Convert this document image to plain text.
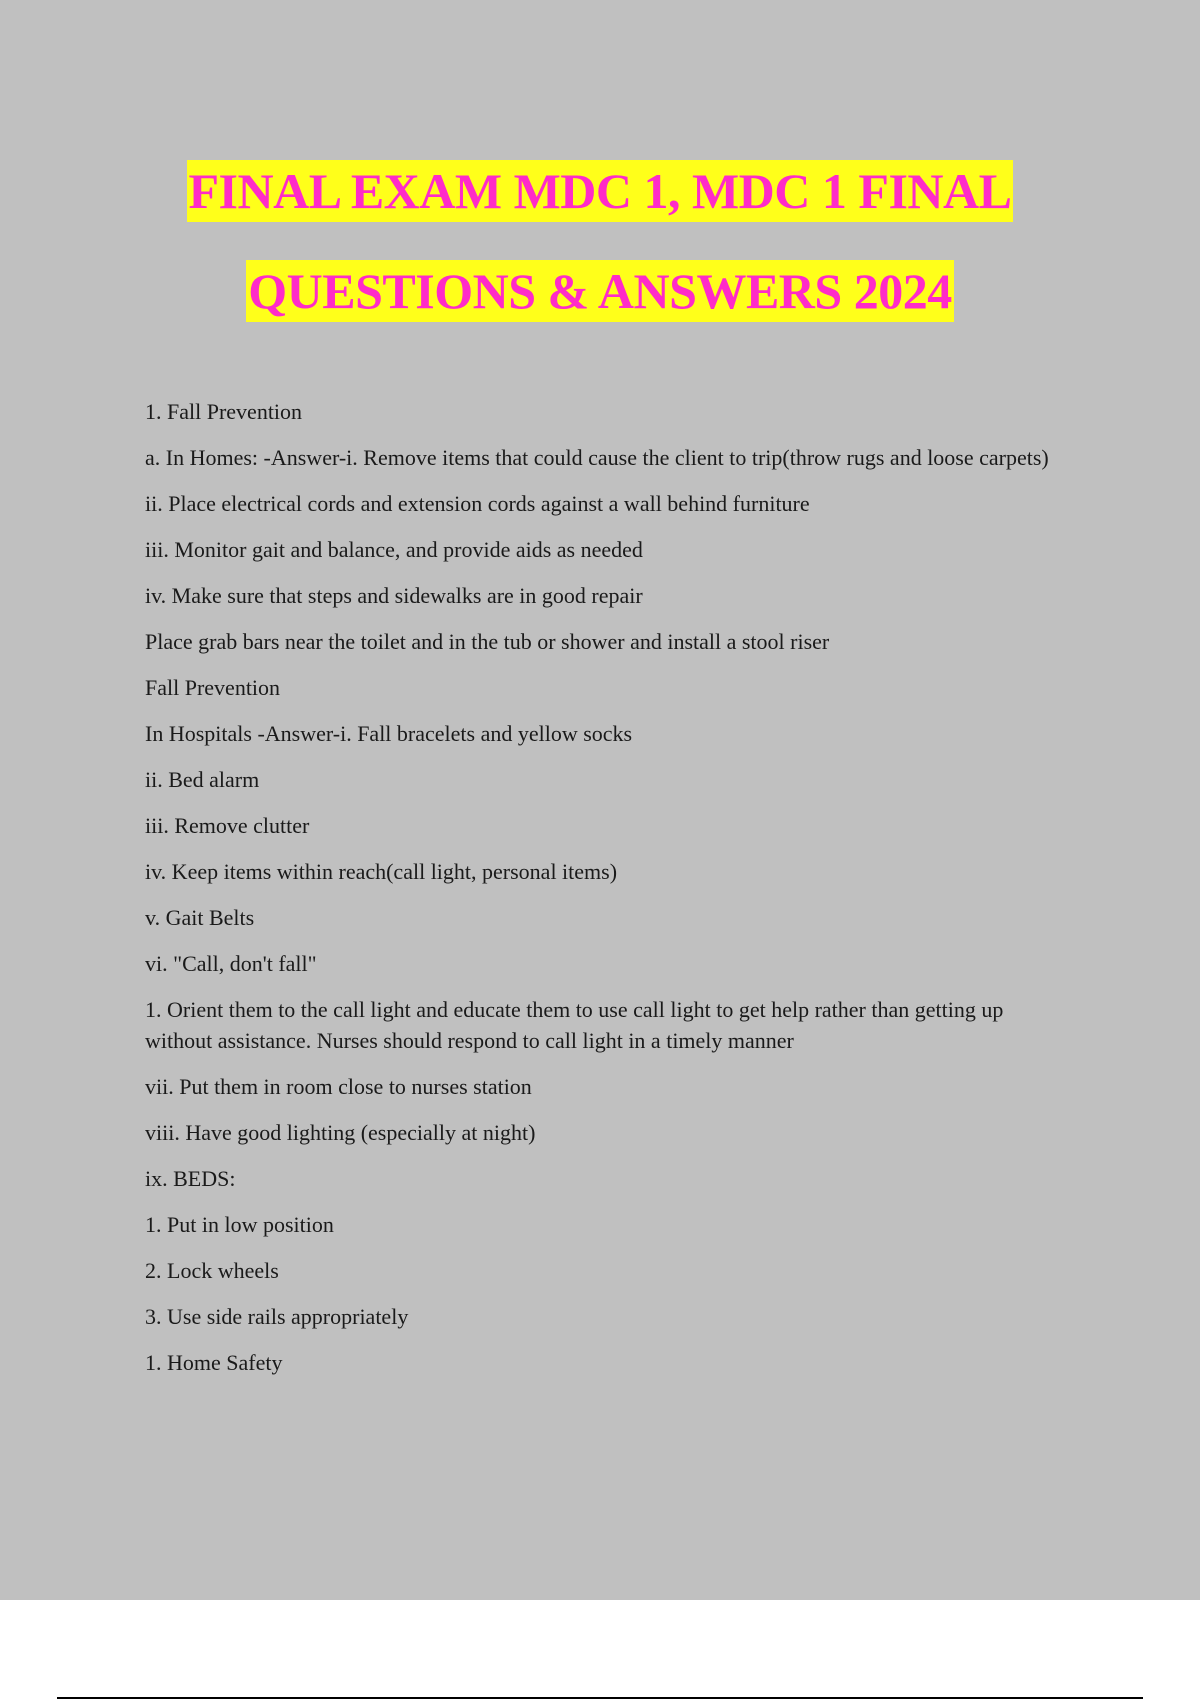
FINAL EXAM MDC 1, MDC 1 FINAL
QUESTIONS & ANSWERS 2024

1. Fall Prevention

a. In Homes: -Answer-i. Remove items that could cause the client to trip(throw rugs and loose carpets)

ii. Place electrical cords and extension cords against a wall behind furniture

iii. Monitor gait and balance, and provide aids as needed

iv. Make sure that steps and sidewalks are in good repair

Place grab bars near the toilet and in the tub or shower and install a stool riser

Fall Prevention

In Hospitals -Answer-i. Fall bracelets and yellow socks

ii. Bed alarm

iii. Remove clutter

iv. Keep items within reach(call light, personal items)

v. Gait Belts

vi. "Call, don't fall"

1. Orient them to the call light and educate them to use call light to get help rather than getting up without assistance. Nurses should respond to call light in a timely manner

vii. Put them in room close to nurses station

viii. Have good lighting (especially at night)

ix. BEDS:

1. Put in low position

2. Lock wheels

3. Use side rails appropriately

1. Home Safety
